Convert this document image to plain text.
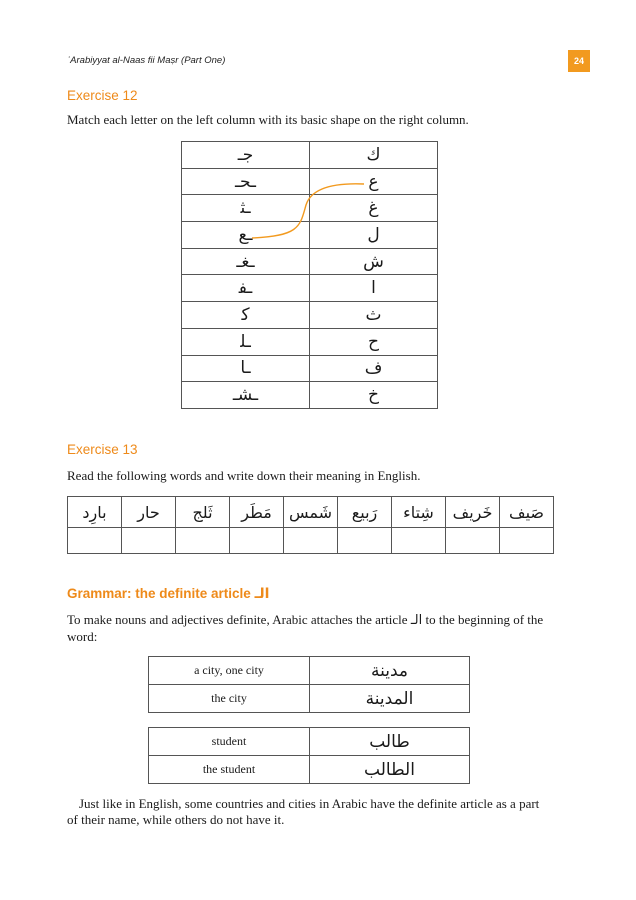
ʿArabiyyat al-Naas fii Maṣr (Part One)	24
Exercise 12
Match each letter on the left column with its basic shape on the right column.
ﺟـ	ك
ـﺤـ	ع
ـﺜ	غ
ـﻊ	ل
ـﻐـ	ش
ـﻔ	ا
ﻛ	ث
ـﻠ	ح
ـﺎ	ف
ـﺸـ	خ
Exercise 13
Read the following words and write down their meaning in English.
بارِد	حار	ثَلج	مَطَر	شَمس	رَبيع	شِتاء	خَريف	صَيف

Grammar: the definite article الـ
To make nouns and adjectives definite, Arabic attaches the article الـ to the beginning of the word:
a city, one city	مدينة
the city	المدينة
student	طالب
the student	الطالب
Just like in English, some countries and cities in Arabic have the definite article as a part of their name, while others do not have it.
